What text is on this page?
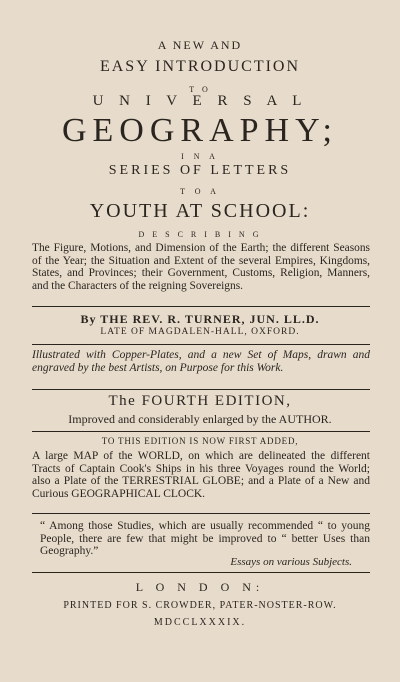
A NEW AND
EASY INTRODUCTION
T O
U N I V E R S A L
GEOGRAPHY;
I N A
SERIES OF LETTERS
T O A
YOUTH AT SCHOOL:
D E S C R I B I N G
The Figure, Motions, and Dimension of the Earth; the different Seasons of the Year; the Situation and Extent of the several Empires, Kingdoms, States, and Provinces; their Government, Customs, Religion, Manners, and the Characters of the reigning Sovereigns.
By THE REV. R. TURNER, JUN. LL.D.
LATE OF MAGDALEN-HALL, OXFORD.
Illustrated with Copper-Plates, and a new Set of Maps, drawn and engraved by the best Artists, on Purpose for this Work.
The FOURTH EDITION,
Improved and considerably enlarged by the AUTHOR.
TO THIS EDITION IS NOW FIRST ADDED,
A large MAP of the WORLD, on which are delineated the different Tracts of Captain Cook's Ships in his three Voyages round the World; also a Plate of the TERRESTRIAL GLOBE; and a Plate of a New and Curious GEOGRAPHICAL CLOCK.
“ Among those Studies, which are usually recommended “ to young People, there are few that might be improved to “ better Uses than Geography.”
Essays on various Subjects.
L O N D O N:
PRINTED FOR S. CROWDER, PATER-NOSTER-ROW.
MDCCLXXXIX.
